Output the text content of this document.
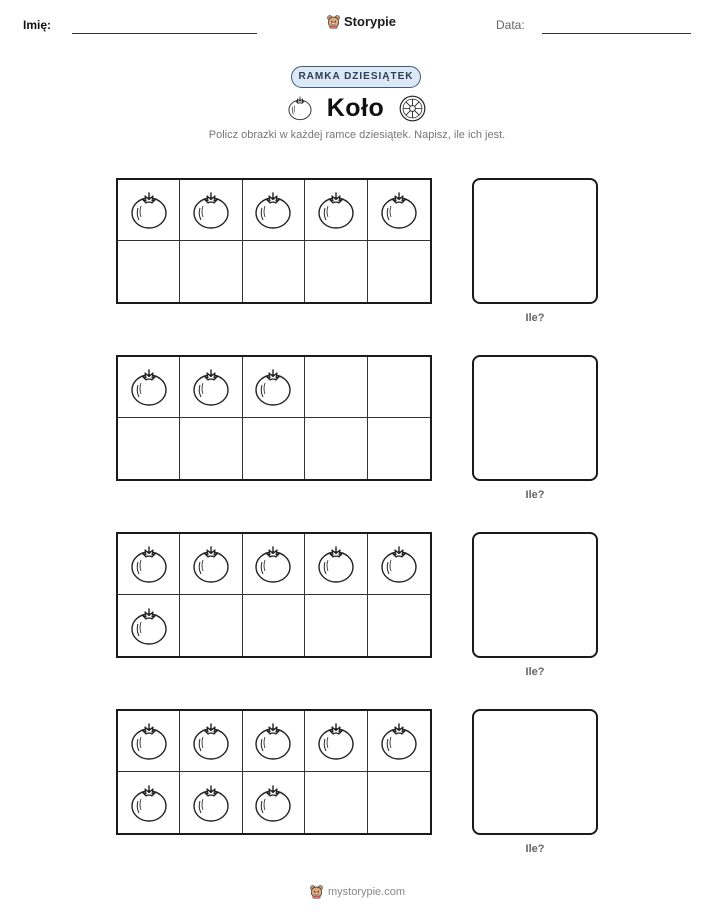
Imię:	Storypie	Data:
RAMKA DZIESIĄTEK
Koło
Policz obrazki w każdej ramce dziesiątek. Napisz, ile ich jest.
Ile?
Ile?
Ile?
Ile?
mystorypie.com
